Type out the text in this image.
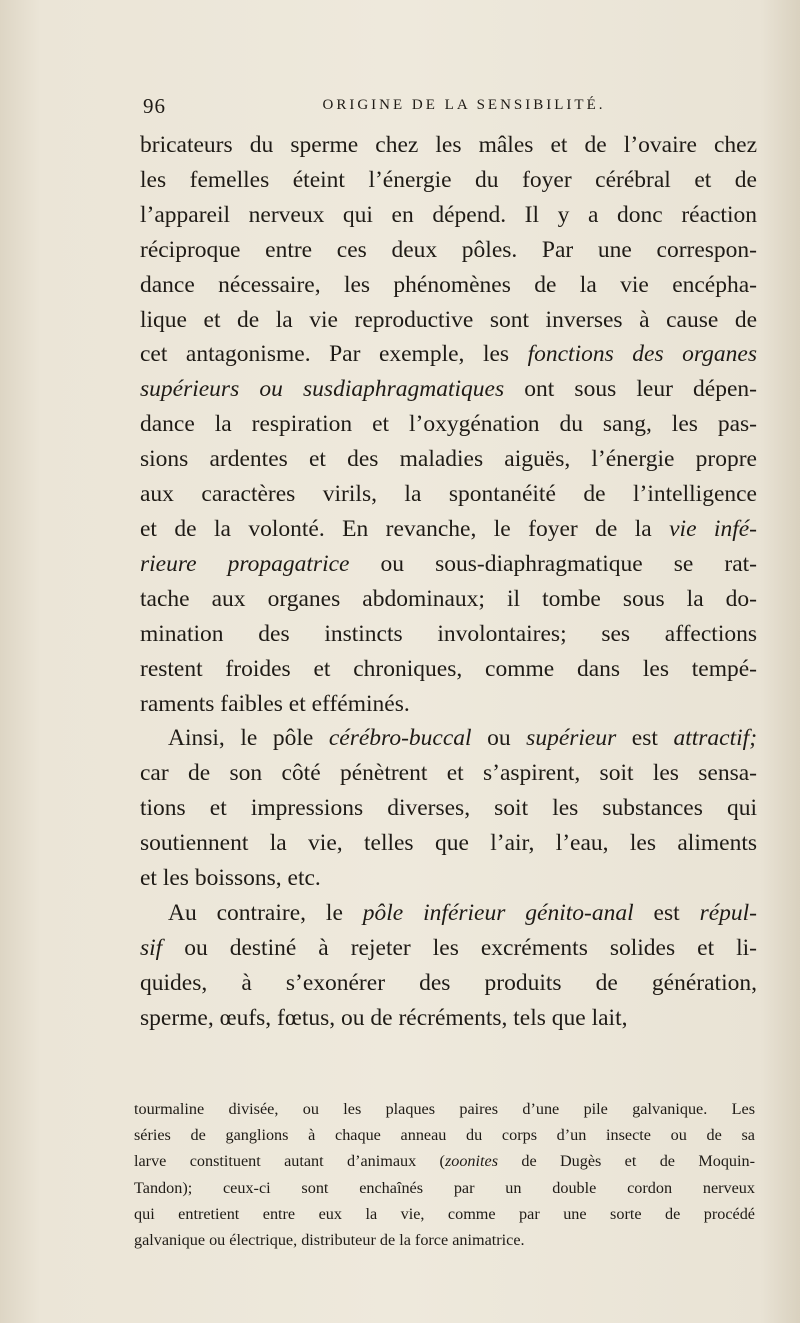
96	ORIGINE DE LA SENSIBILITÉ.
bricateurs du sperme chez les mâles et de l’ovaire chez
les femelles éteint l’énergie du foyer cérébral et de
l’appareil nerveux qui en dépend. Il y a donc réaction
réciproque entre ces deux pôles. Par une correspon-
dance nécessaire, les phénomènes de la vie encépha-
lique et de la vie reproductive sont inverses à cause de
cet antagonisme. Par exemple, les fonctions des organes
supérieurs ou susdiaphragmatiques ont sous leur dépen-
dance la respiration et l’oxygénation du sang, les pas-
sions ardentes et des maladies aiguës, l’énergie propre
aux caractères virils, la spontanéité de l’intelligence
et de la volonté. En revanche, le foyer de la vie infé-
rieure propagatrice ou sous-diaphragmatique se rat-
tache aux organes abdominaux; il tombe sous la do-
mination des instincts involontaires; ses affections
restent froides et chroniques, comme dans les tempé-
raments faibles et efféminés.
Ainsi, le pôle cérébro-buccal ou supérieur est attractif;
car de son côté pénètrent et s’aspirent, soit les sensa-
tions et impressions diverses, soit les substances qui
soutiennent la vie, telles que l’air, l’eau, les aliments
et les boissons, etc.
Au contraire, le pôle inférieur génito-anal est répul-
sif ou destiné à rejeter les excréments solides et li-
quides, à s’exonérer des produits de génération,
sperme, œufs, fœtus, ou de récréments, tels que lait,
tourmaline divisée, ou les plaques paires d’une pile galvanique. Les
séries de ganglions à chaque anneau du corps d’un insecte ou de sa
larve constituent autant d’animaux (zoonites de Dugès et de Moquin-
Tandon); ceux-ci sont enchaînés par un double cordon nerveux
qui entretient entre eux la vie, comme par une sorte de procédé
galvanique ou électrique, distributeur de la force animatrice.
